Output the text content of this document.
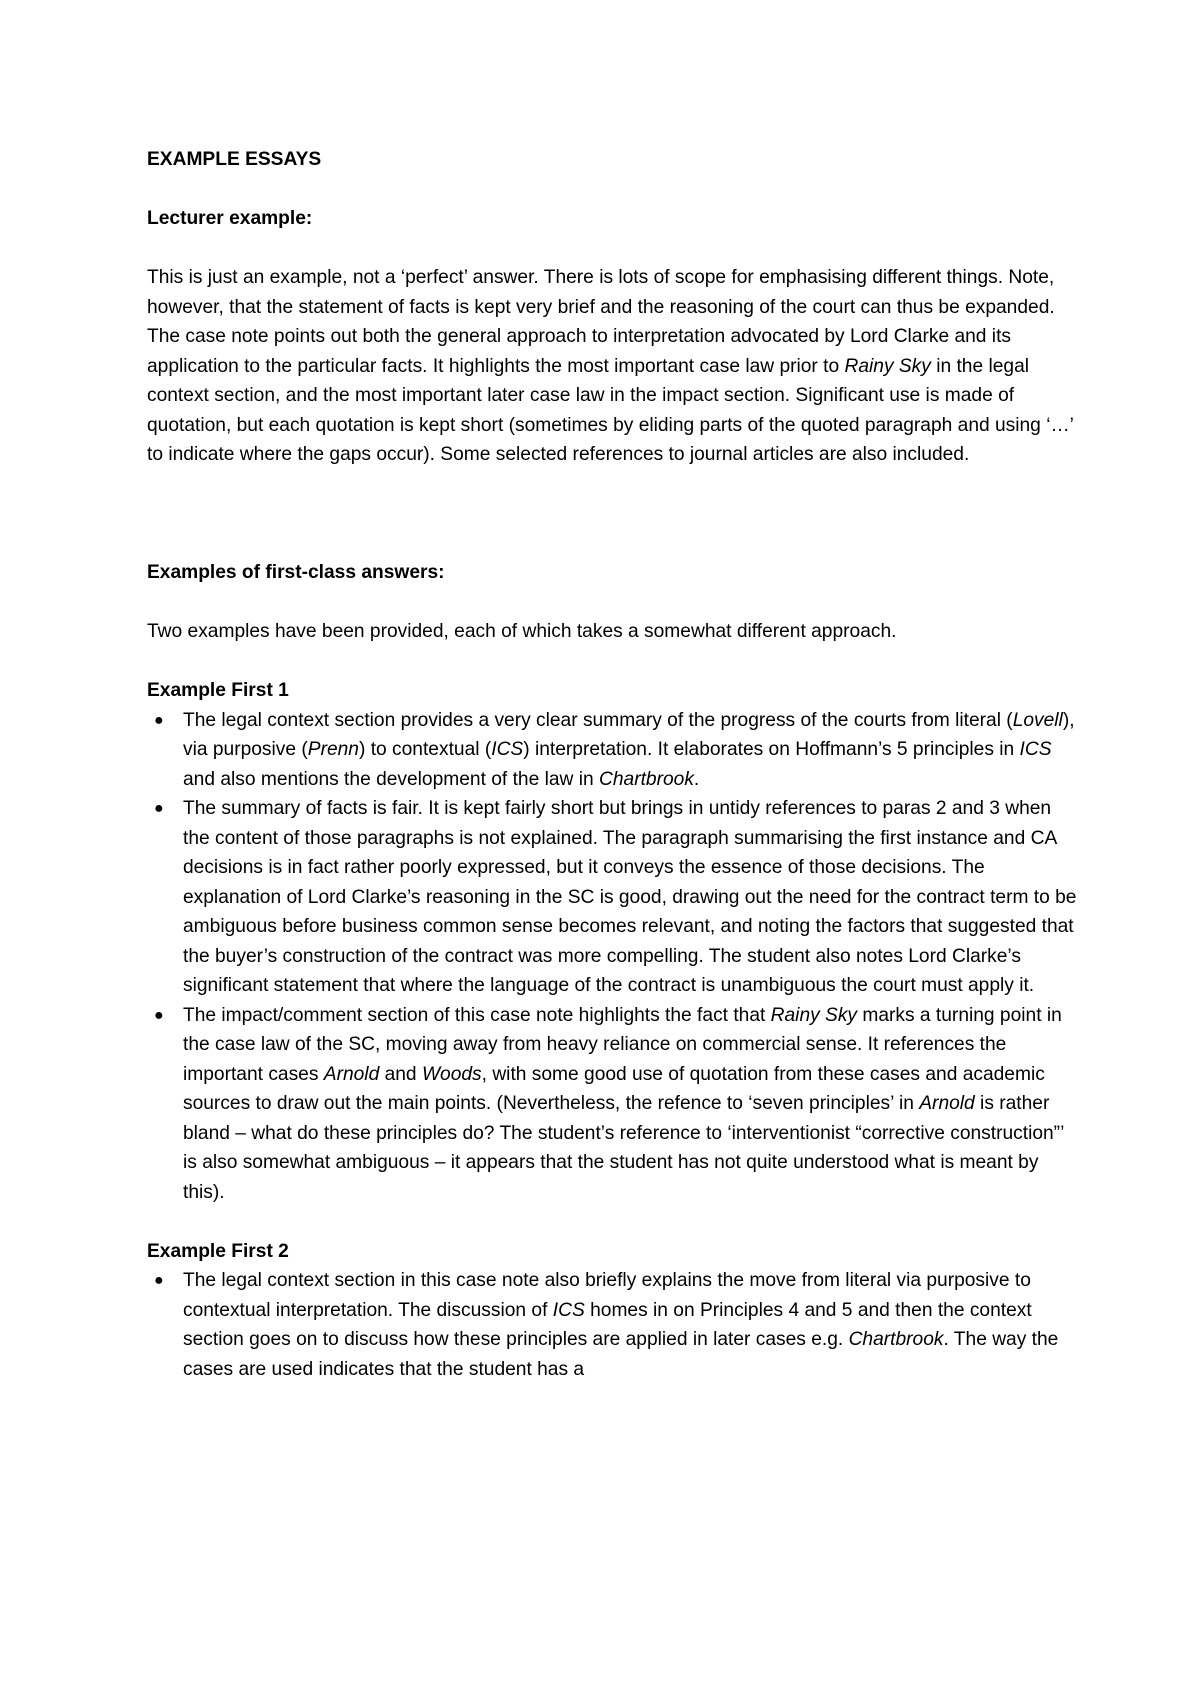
EXAMPLE ESSAYS

Lecturer example:

This is just an example, not a ‘perfect’ answer. There is lots of scope for emphasising different things. Note, however, that the statement of facts is kept very brief and the reasoning of the court can thus be expanded. The case note points out both the general approach to interpretation advocated by Lord Clarke and its application to the particular facts. It highlights the most important case law prior to Rainy Sky in the legal context section, and the most important later case law in the impact section. Significant use is made of quotation, but each quotation is kept short (sometimes by eliding parts of the quoted paragraph and using ‘…’ to indicate where the gaps occur). Some selected references to journal articles are also included.

Examples of first-class answers:

Two examples have been provided, each of which takes a somewhat different approach.

Example First 1

● The legal context section provides a very clear summary of the progress of the courts from literal (Lovell), via purposive (Prenn) to contextual (ICS) interpretation. It elaborates on Hoffmann’s 5 principles in ICS and also mentions the development of the law in Chartbrook.
● The summary of facts is fair. It is kept fairly short but brings in untidy references to paras 2 and 3 when the content of those paragraphs is not explained. The paragraph summarising the first instance and CA decisions is in fact rather poorly expressed, but it conveys the essence of those decisions. The explanation of Lord Clarke’s reasoning in the SC is good, drawing out the need for the contract term to be ambiguous before business common sense becomes relevant, and noting the factors that suggested that the buyer’s construction of the contract was more compelling. The student also notes Lord Clarke’s significant statement that where the language of the contract is unambiguous the court must apply it.
● The impact/comment section of this case note highlights the fact that Rainy Sky marks a turning point in the case law of the SC, moving away from heavy reliance on commercial sense. It references the important cases Arnold and Woods, with some good use of quotation from these cases and academic sources to draw out the main points. (Nevertheless, the refence to ‘seven principles’ in Arnold is rather bland – what do these principles do? The student’s reference to ‘interventionist “corrective construction”’ is also somewhat ambiguous – it appears that the student has not quite understood what is meant by this).

Example First 2

● The legal context section in this case note also briefly explains the move from literal via purposive to contextual interpretation. The discussion of ICS homes in on Principles 4 and 5 and then the context section goes on to discuss how these principles are applied in later cases e.g. Chartbrook. The way the cases are used indicates that the student has a
